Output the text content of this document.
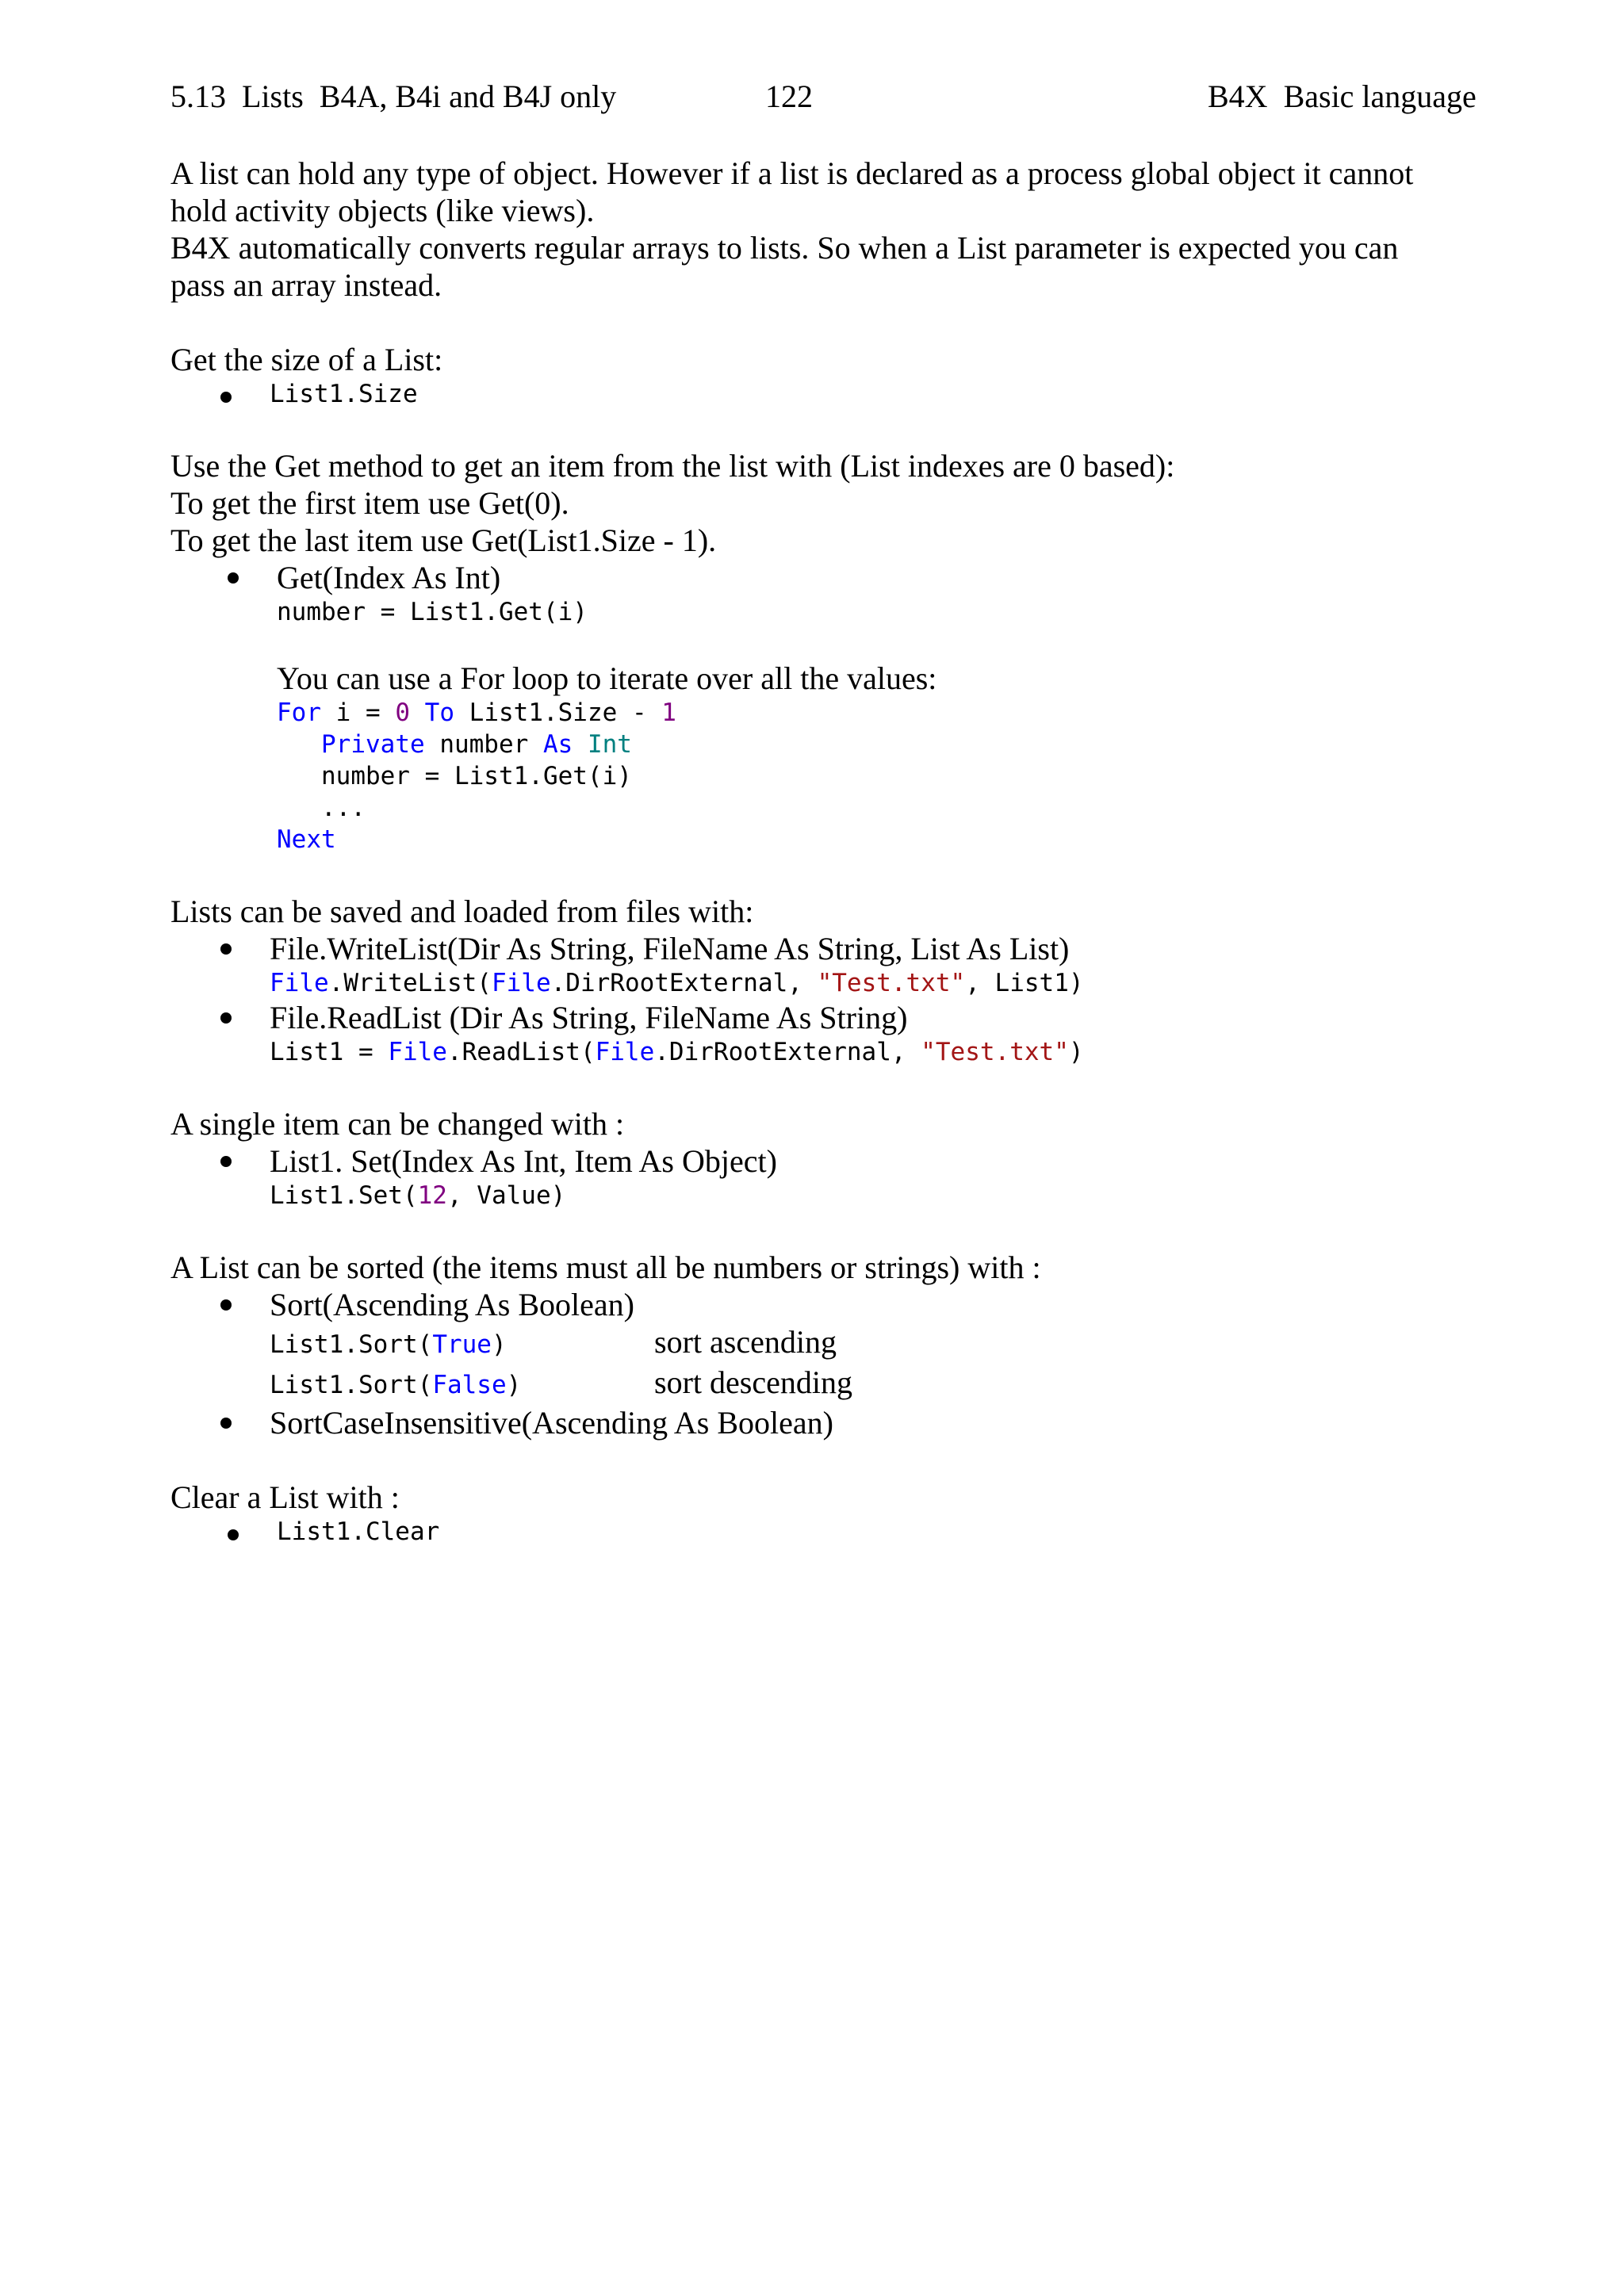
5.13  Lists  B4A, B4i and B4J only	122	B4X  Basic language

A list can hold any type of object. However if a list is declared as a process global object it cannot

hold activity objects (like views).

B4X automatically converts regular arrays to lists. So when a List parameter is expected you can

pass an array instead.

Get the size of a List:

List1.Size

Use the Get method to get an item from the list with (List indexes are 0 based):

To get the first item use Get(0).

To get the last item use Get(List1.Size - 1).

Get(Index As Int)
number = List1.Get(i)
You can use a For loop to iterate over all the values:
For i = 0 To List1.Size - 1
Private number As Int
number = List1.Get(i)
...
Next

Lists can be saved and loaded from files with:

File.WriteList(Dir As String, FileName As String, List As List)
File.WriteList(File.DirRootExternal, "Test.txt", List1)
File.ReadList (Dir As String, FileName As String)
List1 = File.ReadList(File.DirRootExternal, "Test.txt")

A single item can be changed with :

List1. Set(Index As Int, Item As Object)
List1.Set(12, Value)

A List can be sorted (the items must all be numbers or strings) with :

Sort(Ascending As Boolean)
List1.Sort(True)	sort ascending
List1.Sort(False)	sort descending
SortCaseInsensitive(Ascending As Boolean)

Clear a List with :

List1.Clear
